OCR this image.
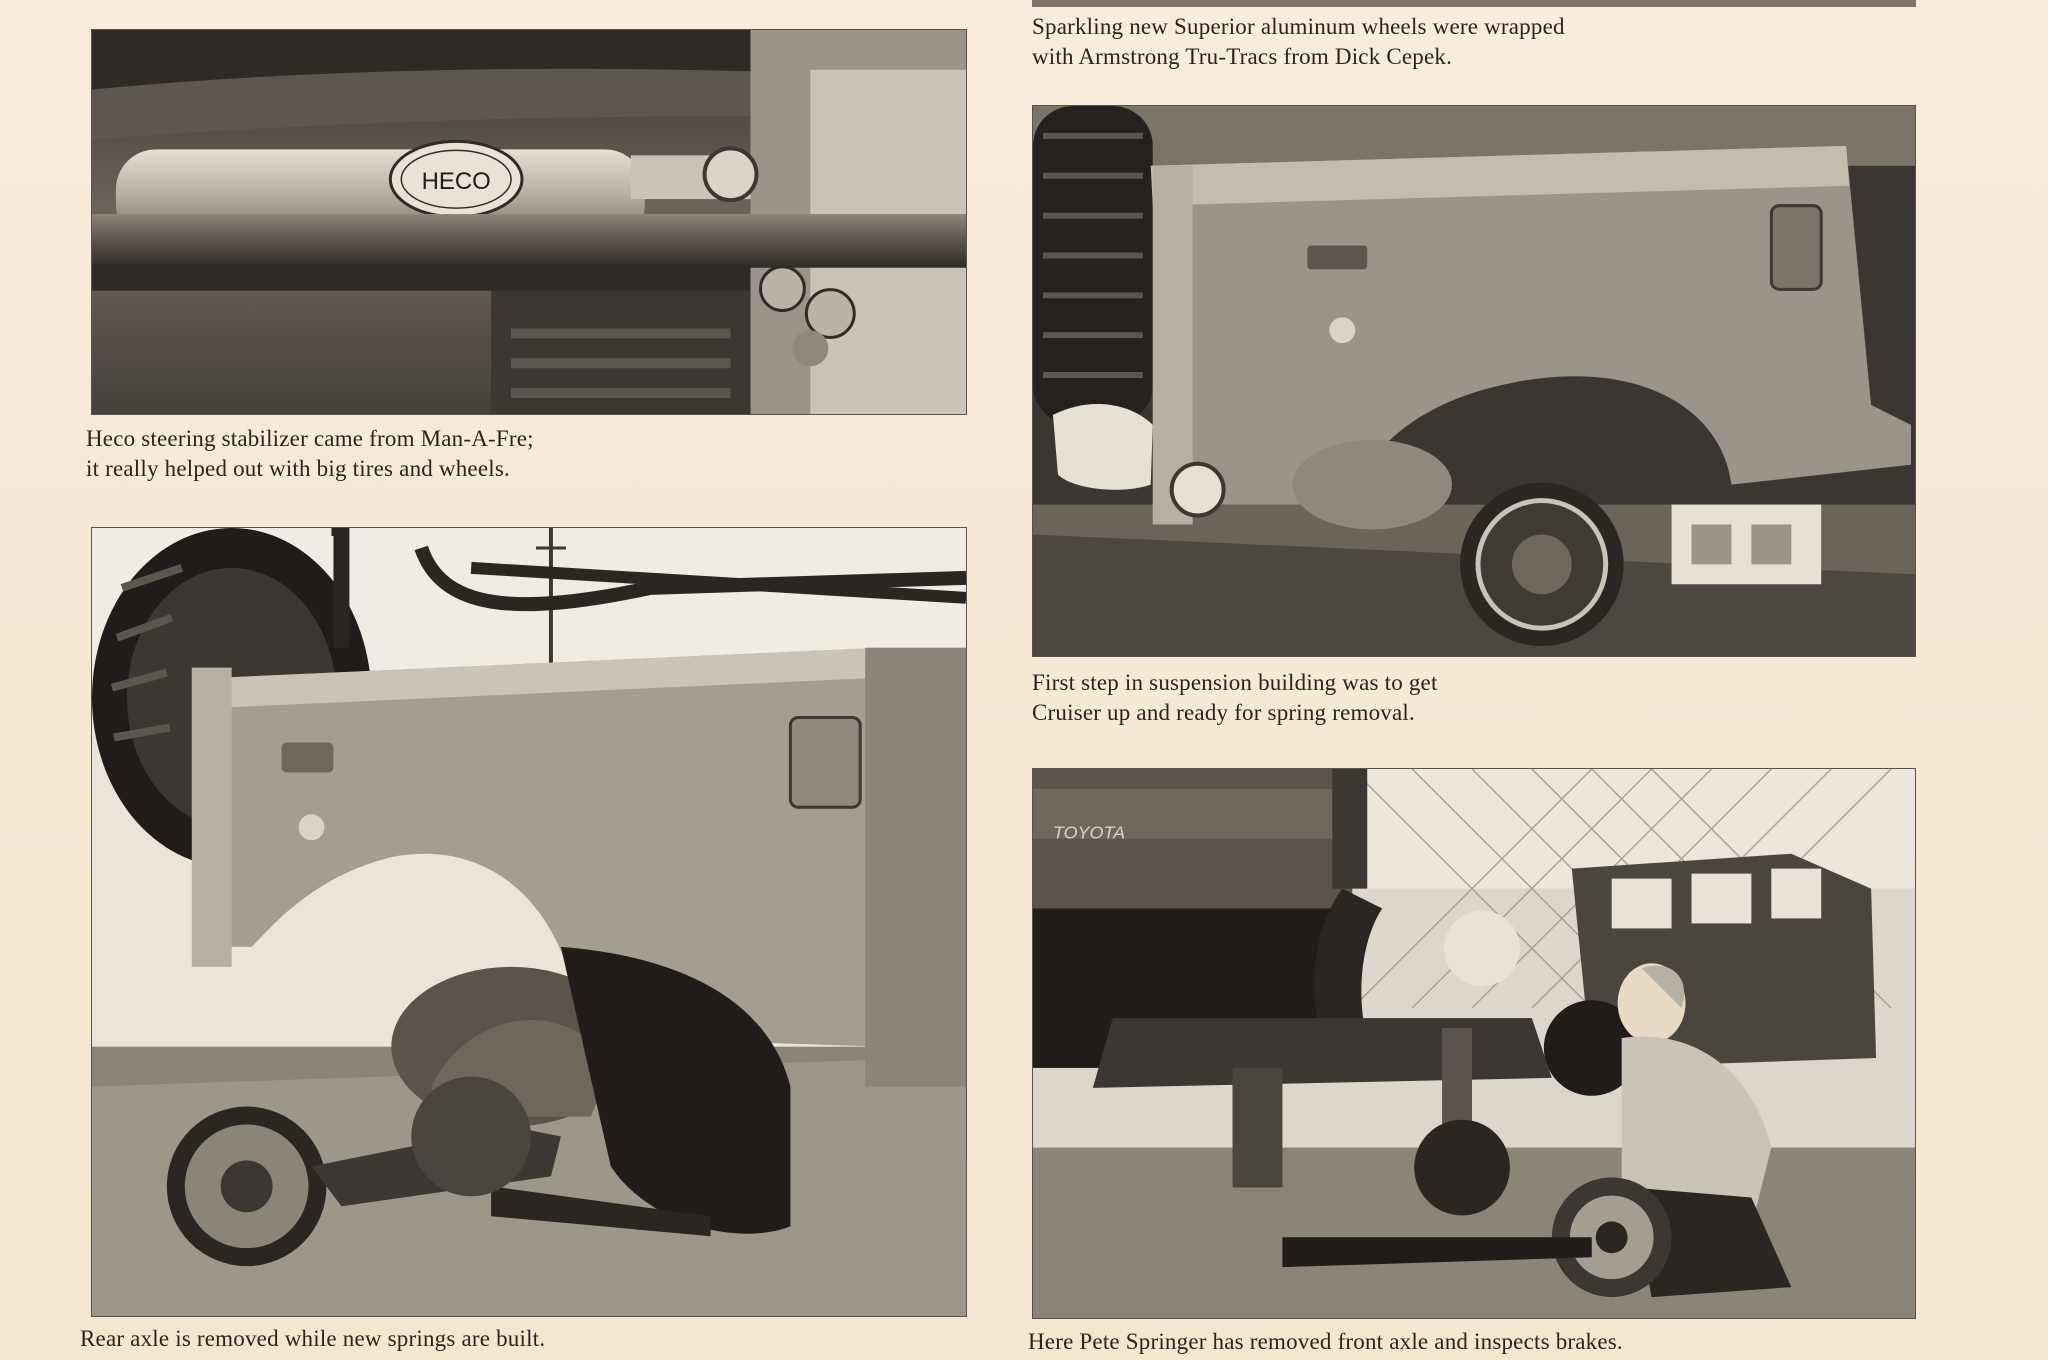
Sparkling new Superior aluminum wheels were wrapped
with Armstrong Tru-Tracs from Dick Cepek.
HECO
Heco steering stabilizer came from Man-A-Fre;
it really helped out with big tires and wheels.
First step in suspension building was to get
Cruiser up and ready for spring removal.
Rear axle is removed while new springs are built.
TOYOTA
Here Pete Springer has removed front axle and inspects brakes.
